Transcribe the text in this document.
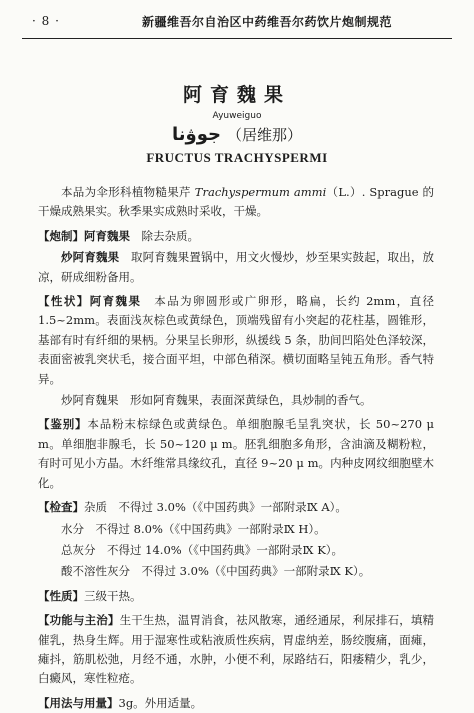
· 8 ·	新疆维吾尔自治区中药维吾尔药饮片炮制规范
阿育魏果
Ayuweiguo
جوۋنا （居维那）
FRUCTUS TRACHYSPERMI

本品为伞形科植物糙果芹 Trachyspermum ammi（L.）. Sprague 的干燥成熟果实。秋季果实成熟时采收，干燥。

【炮制】阿育魏果　除去杂质。

炒阿育魏果　取阿育魏果置锅中，用文火慢炒，炒至果实鼓起，取出，放凉，研成细粉备用。

【性状】阿育魏果　本品为卵圆形或广卵形，略扁，长约 2mm，直径 1.5~2mm。表面浅灰棕色或黄绿色，顶端残留有小突起的花柱基，圆锥形，基部有时有纤细的果柄。分果呈长卵形，纵援线 5 条，肋间凹陷处色泽较深，表面密被乳突状毛，接合面平坦，中部色稍深。横切面略呈钝五角形。香气特异。

炒阿育魏果　形如阿育魏果，表面深黄绿色，具炒制的香气。

【鉴别】本品粉末棕绿色或黄绿色。单细胞腺毛呈乳突状，长 50~270 μ m。单细胞非腺毛，长 50~120 μ m。胚乳细胞多角形，含油滴及糊粉粒，有时可见小方晶。木纤维常具缘纹孔，直径 9~20 μ m。内种皮网纹细胞壁木化。

【检查】杂质　不得过 3.0%（《中国药典》一部附录Ⅸ A）。

水分　不得过 8.0%（《中国药典》一部附录Ⅸ H）。

总灰分　不得过 14.0%（《中国药典》一部附录Ⅸ K）。

酸不溶性灰分　不得过 3.0%（《中国药典》一部附录Ⅸ K）。

【性质】三级干热。

【功能与主治】生干生热，温胃消食，祛风散寒，通经通尿，利尿排石，填精催乳，热身生辉。用于湿寒性或粘液质性疾病，胃虚纳差，肠绞腹痛，面瘫，瘫抖，筋肌松弛，月经不通，水肿，小便不利，尿路结石，阳痿精少，乳少，白癜风，寒性粒疮。

【用法与用量】3g。外用适量。
